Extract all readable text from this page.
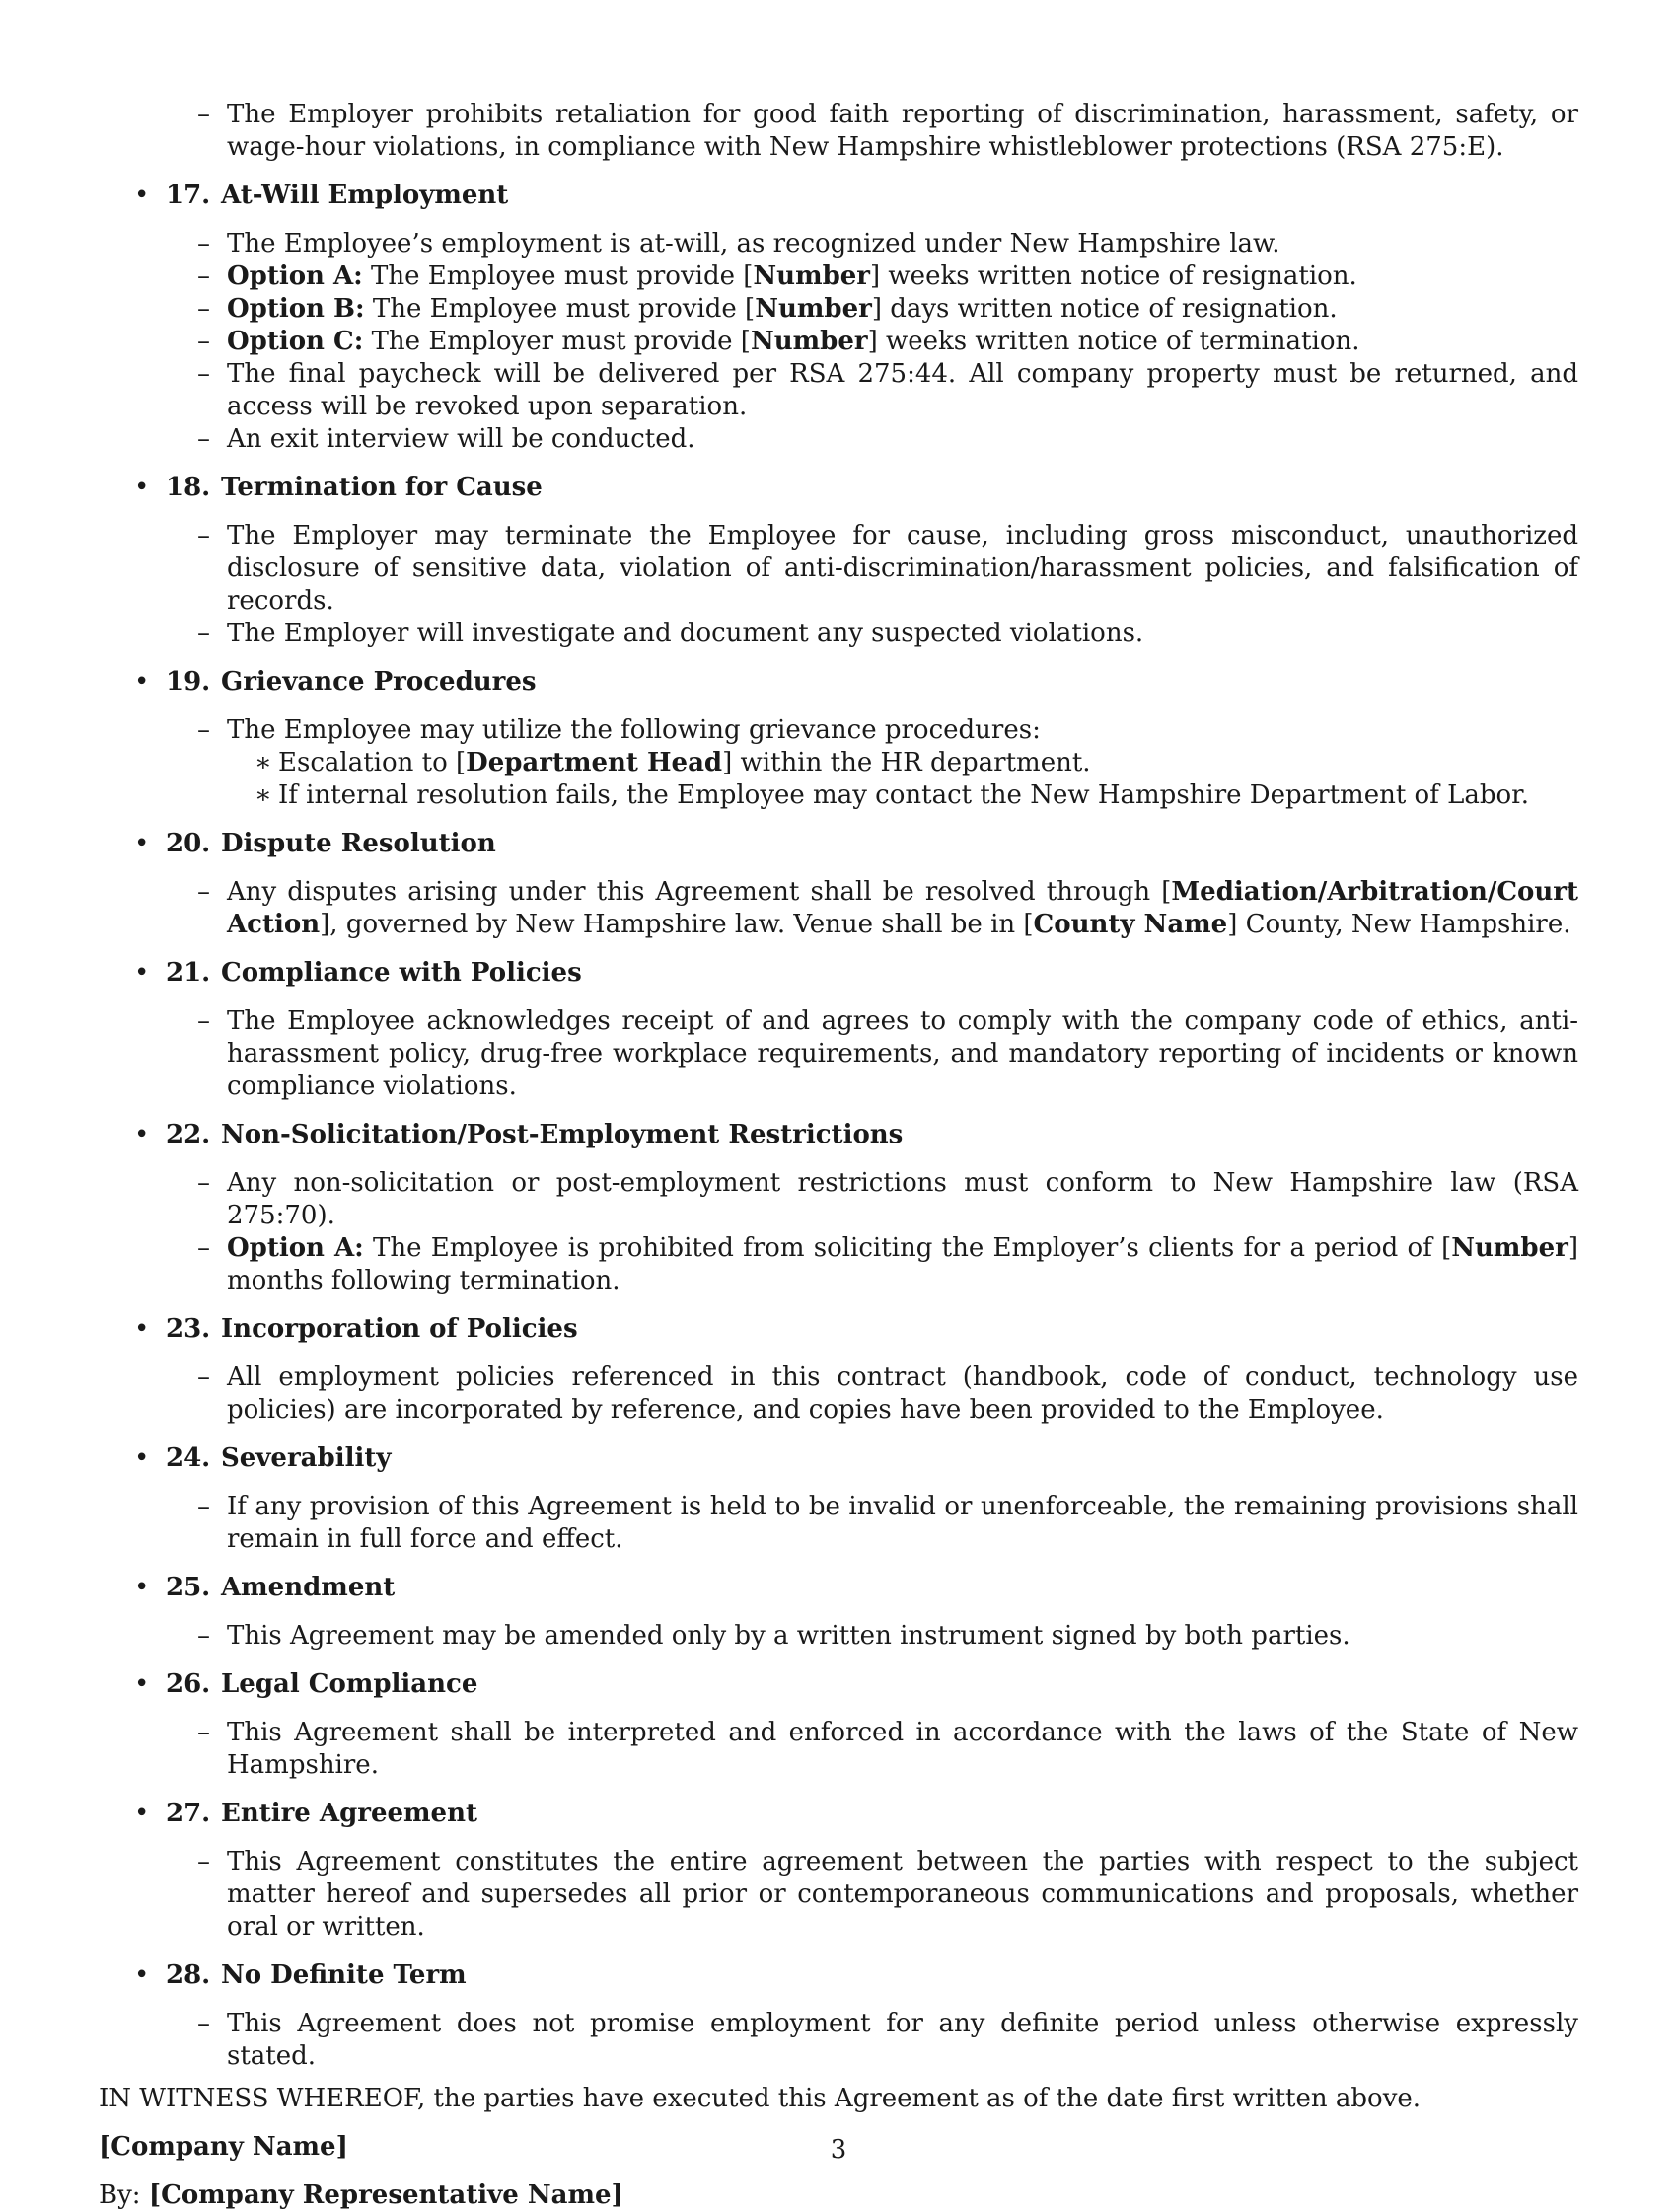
– The Employer prohibits retaliation for good faith reporting of discrimination, harassment, safety, or wage-hour violations, in compliance with New Hampshire whistleblower protections (RSA 275:E).
• 17. At-Will Employment
– The Employee’s employment is at-will, as recognized under New Hampshire law.
– Option A: The Employee must provide [Number] weeks written notice of resignation.
– Option B: The Employee must provide [Number] days written notice of resignation.
– Option C: The Employer must provide [Number] weeks written notice of termination.
– The final paycheck will be delivered per RSA 275:44. All company property must be returned, and access will be revoked upon separation.
– An exit interview will be conducted.
• 18. Termination for Cause
– The Employer may terminate the Employee for cause, including gross misconduct, unauthorized disclosure of sensitive data, violation of anti-discrimination/harassment policies, and falsification of records.
– The Employer will investigate and document any suspected violations.
• 19. Grievance Procedures
– The Employee may utilize the following grievance procedures:
∗ Escalation to [Department Head] within the HR department.
∗ If internal resolution fails, the Employee may contact the New Hampshire Department of Labor.
• 20. Dispute Resolution
– Any disputes arising under this Agreement shall be resolved through [Mediation/Arbitration/Court Action], governed by New Hampshire law. Venue shall be in [County Name] County, New Hampshire.
• 21. Compliance with Policies
– The Employee acknowledges receipt of and agrees to comply with the company code of ethics, anti-harassment policy, drug-free workplace requirements, and mandatory reporting of incidents or known compliance violations.
• 22. Non-Solicitation/Post-Employment Restrictions
– Any non-solicitation or post-employment restrictions must conform to New Hampshire law (RSA 275:70).
– Option A: The Employee is prohibited from soliciting the Employer’s clients for a period of [Number] months following termination.
• 23. Incorporation of Policies
– All employment policies referenced in this contract (handbook, code of conduct, technology use policies) are incorporated by reference, and copies have been provided to the Employee.
• 24. Severability
– If any provision of this Agreement is held to be invalid or unenforceable, the remaining provisions shall remain in full force and effect.
• 25. Amendment
– This Agreement may be amended only by a written instrument signed by both parties.
• 26. Legal Compliance
– This Agreement shall be interpreted and enforced in accordance with the laws of the State of New Hampshire.
• 27. Entire Agreement
– This Agreement constitutes the entire agreement between the parties with respect to the subject matter hereof and supersedes all prior or contemporaneous communications and proposals, whether oral or written.
• 28. No Definite Term
– This Agreement does not promise employment for any definite period unless otherwise expressly stated.
IN WITNESS WHEREOF, the parties have executed this Agreement as of the date first written above.
[Company Name]
By: [Company Representative Name]
3
